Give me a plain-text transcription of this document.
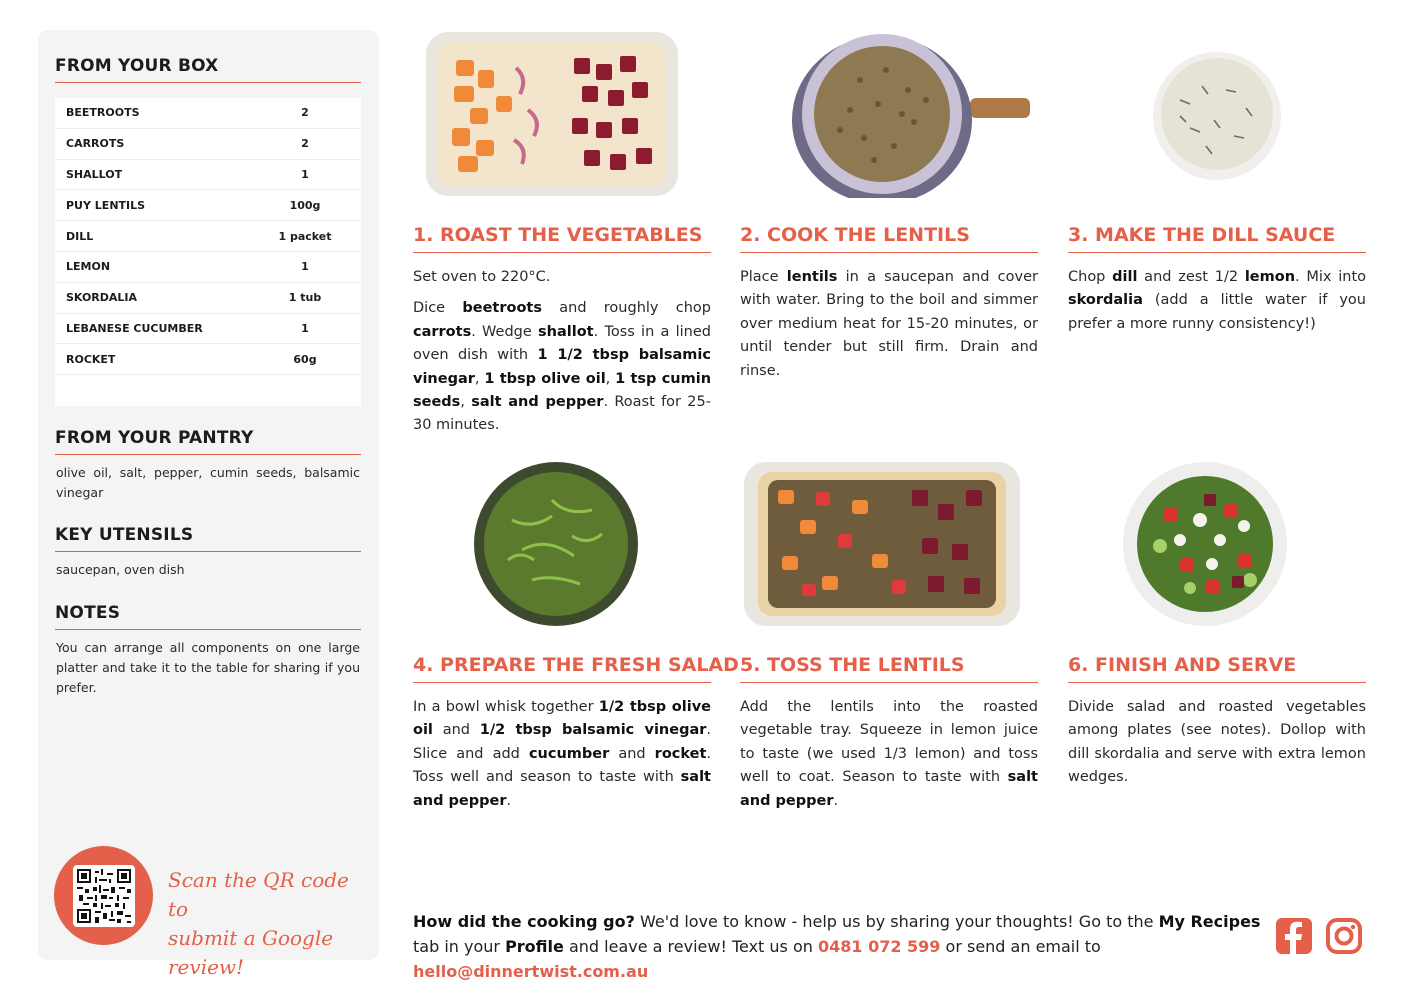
FROM YOUR BOX
BEETROOTS	2
CARROTS	2
SHALLOT	1
PUY LENTILS	100g
DILL	1 packet
LEMON	1
SKORDALIA	1 tub
LEBANESE CUCUMBER	1
ROCKET	60g
FROM YOUR PANTRY
olive oil, salt, pepper, cumin seeds, balsamic vinegar
KEY UTENSILS
saucepan, oven dish
NOTES
You can arrange all components on one large platter and take it to the table for sharing if you prefer.
Scan the QR code to
submit a Google review!
1. ROAST THE VEGETABLES

Set oven to 220°C.

Dice beetroots and roughly chop carrots. Wedge shallot. Toss in a lined oven dish with 1 1/2 tbsp balsamic vinegar, 1 tbsp olive oil, 1 tsp cumin seeds, salt and pepper. Roast for 25-30 minutes.

2. COOK THE LENTILS

Place lentils in a saucepan and cover with water. Bring to the boil and simmer over medium heat for 15-20 minutes, or until tender but still firm. Drain and rinse.

3. MAKE THE DILL SAUCE

Chop dill and zest 1/2 lemon. Mix into skordalia (add a little water if you prefer a more runny consistency!)

4. PREPARE THE FRESH SALAD

In a bowl whisk together 1/2 tbsp olive oil and 1/2 tbsp balsamic vinegar. Slice and add cucumber and rocket. Toss well and season to taste with salt and pepper.

5. TOSS THE LENTILS

Add the lentils into the roasted vegetable tray. Squeeze in lemon juice to taste (we used 1/3 lemon) and toss well to coat. Season to taste with salt and pepper.

6. FINISH AND SERVE

Divide salad and roasted vegetables among plates (see notes). Dollop with dill skordalia and serve with extra lemon wedges.

How did the cooking go? We'd love to know - help us by sharing your thoughts! Go to the My Recipes tab in your Profile and leave a review! Text us on 0481 072 599 or send an email to hello@dinnertwist.com.au
